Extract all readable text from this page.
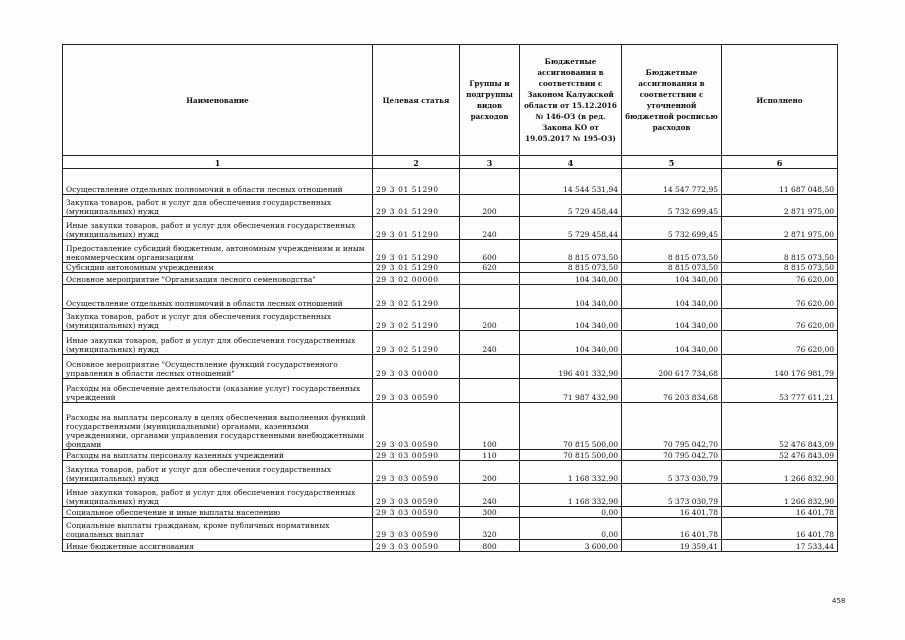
Наименование	Целевая статья	Группы и подгруппы видов расходов	Бюджетные ассигнования в соответствии с Законом Калужской области от 15.12.2016 № 146-ОЗ (в ред. Закона КО от 19.05.2017 № 195-ОЗ)	Бюджетные ассигнования в соответствии с уточненной бюджетной росписью расходов	Исполнено
1	2	3	4	5	6
Осуществление отдельных полномочий в области лесных отношений	29 3 01 51290		14 544 531,94	14 547 772,95	11 687 048,50
Закупка товаров, работ и услуг для обеспечения государственных (муниципальных) нужд	29 3 01 51290	200	5 729 458,44	5 732 699,45	2 871 975,00
Иные закупки товаров, работ и услуг для обеспечения государственных (муниципальных) нужд	29 3 01 51290	240	5 729 458,44	5 732 699,45	2 871 975,00
Предоставление субсидий бюджетным, автономным учреждениям и иным некоммерческим организациям	29 3 01 51290	600	8 815 073,50	8 815 073,50	8 815 073,50
Субсидии автономным учреждениям	29 3 01 51290	620	8 815 073,50	8 815 073,50	8 815 073,50
Основное мероприятие "Организация лесного семеноводства"	29 3 02 00000		104 340,00	104 340,00	76 620,00
Осуществление отдельных полномочий в области лесных отношений	29 3 02 51290		104 340,00	104 340,00	76 620,00
Закупка товаров, работ и услуг для обеспечения государственных (муниципальных) нужд	29 3 02 51290	200	104 340,00	104 340,00	76 620,00
Иные закупки товаров, работ и услуг для обеспечения государственных (муниципальных) нужд	29 3 02 51290	240	104 340,00	104 340,00	76 620,00
Основное мероприятие "Осуществление функций государственного управления в области лесных отношений"	29 3 03 00000		196 401 332,90	200 617 734,68	140 176 981,79
Расходы на обеспечение деятельности (оказание услуг) государственных учреждений	29 3 03 00590		71 987 432,90	76 203 834,68	53 777 611,21
Расходы на выплаты персоналу в целях обеспечения выполнения функций государственными (муниципальными) органами, казенными учреждениями, органами управления государственными внебюджетными фондами	29 3 03 00590	100	70 815 500,00	70 795 042,70	52 476 843,09
Расходы на выплаты персоналу казенных учреждений	29 3 03 00590	110	70 815 500,00	70 795 042,70	52 476 843,09
Закупка товаров, работ и услуг для обеспечения государственных (муниципальных) нужд	29 3 03 00590	200	1 168 332,90	5 373 030,79	1 266 832,90
Иные закупки товаров, работ и услуг для обеспечения государственных (муниципальных) нужд	29 3 03 00590	240	1 168 332,90	5 373 030,79	1 266 832,90
Социальное обеспечение и иные выплаты населению	29 3 03 00590	300	0,00	16 401,78	16 401,78
Социальные выплаты гражданам, кроме публичных нормативных социальных выплат	29 3 03 00590	320	0,00	16 401,78	16 401,78
Иные бюджетные ассигнования	29 3 03 00590	800	3 600,00	19 359,41	17 533,44
458
